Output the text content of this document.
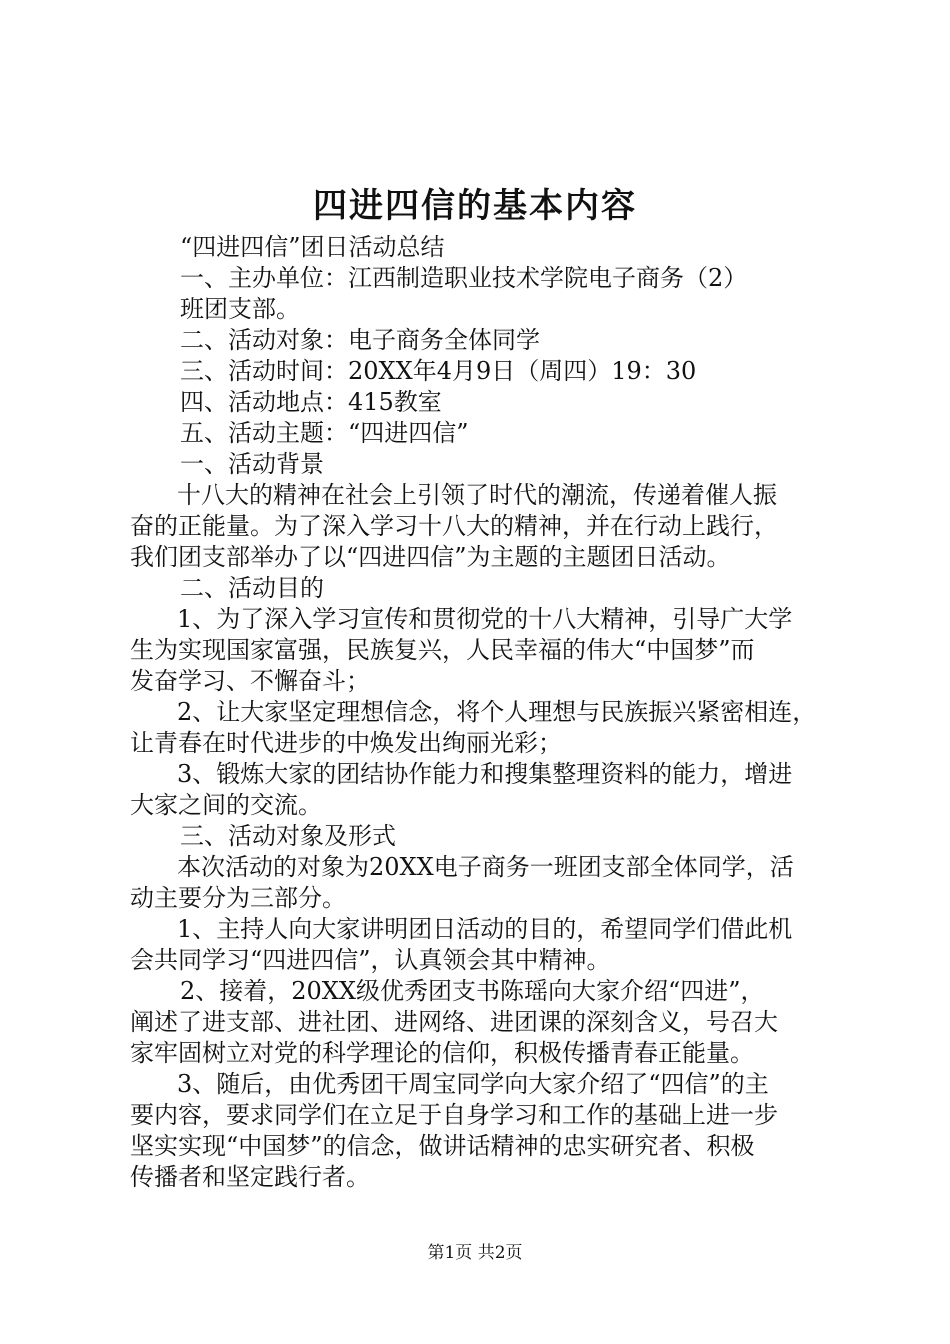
四进四信的基本内容

“四进四信”团日活动总结

一、主办单位：江西制造职业技术学院电子商务（2）

班团支部。

二、活动对象：电子商务全体同学

三、活动时间：20XX年4月9日（周四）19：30

四、活动地点：415教室

五、活动主题：“四进四信”

一、活动背景

十八大的精神在社会上引领了时代的潮流，传递着催人振

奋的正能量。为了深入学习十八大的精神，并在行动上践行，

我们团支部举办了以“四进四信”为主题的主题团日活动。

二、活动目的

1、为了深入学习宣传和贯彻党的十八大精神，引导广大学

生为实现国家富强，民族复兴，人民幸福的伟大“中国梦”而

发奋学习、不懈奋斗；

2、让大家坚定理想信念，将个人理想与民族振兴紧密相连，

让青春在时代进步的中焕发出绚丽光彩；

3、锻炼大家的团结协作能力和搜集整理资料的能力，增进

大家之间的交流。

三、活动对象及形式

本次活动的对象为20XX电子商务一班团支部全体同学，活

动主要分为三部分。

1、主持人向大家讲明团日活动的目的，希望同学们借此机

会共同学习“四进四信”，认真领会其中精神。

2、接着，20XX级优秀团支书陈瑶向大家介绍“四进”，

阐述了进支部、进社团、进网络、进团课的深刻含义，号召大

家牢固树立对党的科学理论的信仰，积极传播青春正能量。

3、随后，由优秀团干周宝同学向大家介绍了“四信”的主

要内容，要求同学们在立足于自身学习和工作的基础上进一步

坚实实现“中国梦”的信念，做讲话精神的忠实研究者、积极

传播者和坚定践行者。

第1页 共2页
